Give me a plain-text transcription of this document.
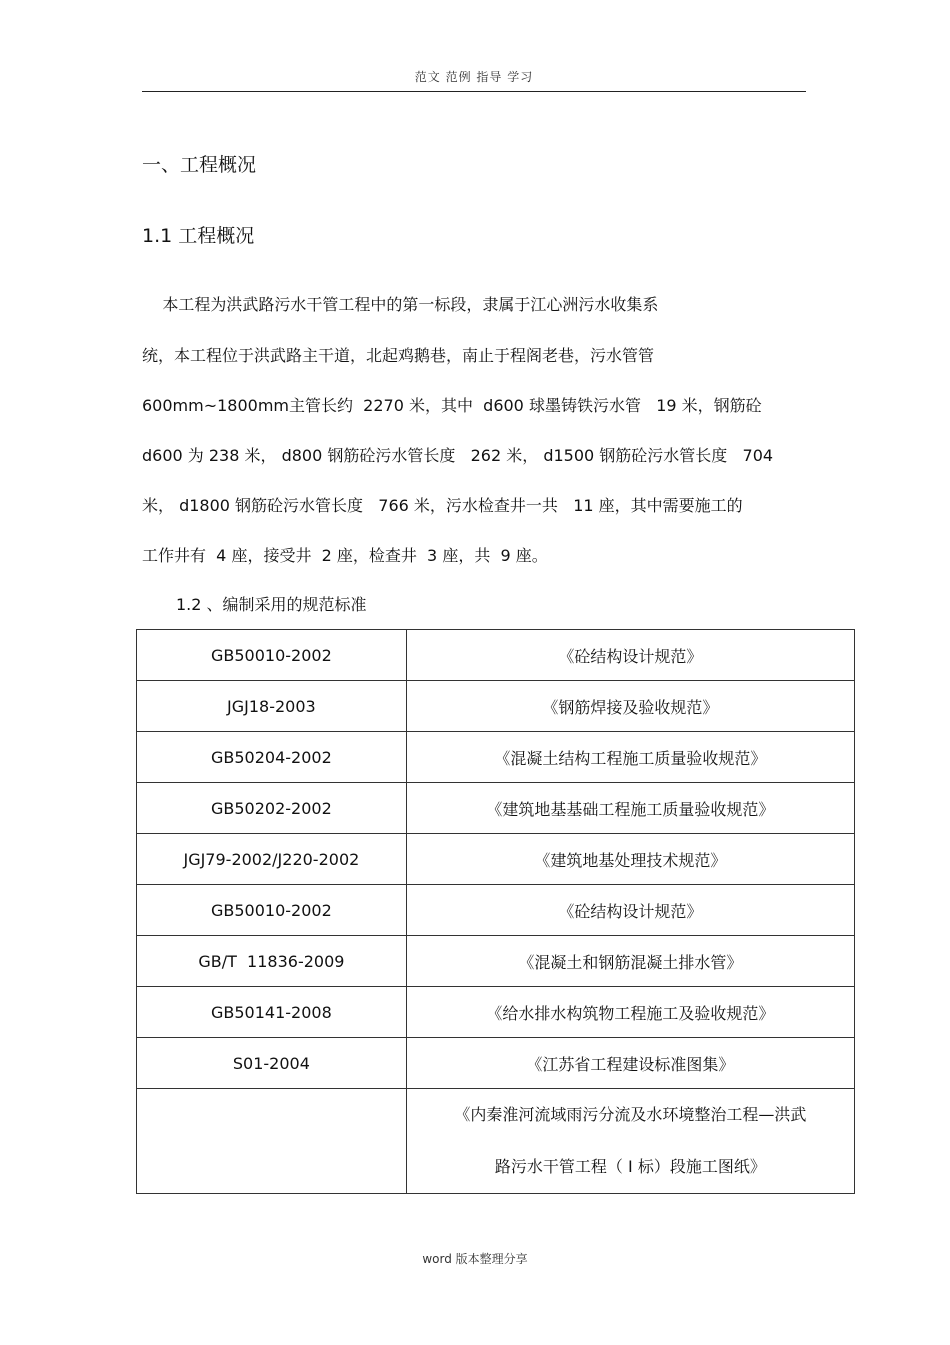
范文 范例 指导 学习
一、工程概况
1.1 工程概况
本工程为洪武路污水干管工程中的第一标段，隶属于江心洲污水收集系
统，本工程位于洪武路主干道，北起鸡鹅巷，南止于程阁老巷，污水管管
600mm~1800mm主管长约  2270 米，其中  d600 球墨铸铁污水管   19 米，钢筋砼
d600 为 238 米， d800 钢筋砼污水管长度   262 米， d1500 钢筋砼污水管长度   704
米， d1800 钢筋砼污水管长度   766 米，污水检查井一共   11 座，其中需要施工的
工作井有  4 座，接受井  2 座，检查井  3 座，共  9 座。
1.2 、编制采用的规范标准
GB50010-2002	《砼结构设计规范》
JGJ18-2003	《钢筋焊接及验收规范》
GB50204-2002	《混凝土结构工程施工质量验收规范》
GB50202-2002	《建筑地基基础工程施工质量验收规范》
JGJ79-2002/J220-2002	《建筑地基处理技术规范》
GB50010-2002	《砼结构设计规范》
GB/T  11836-2009	《混凝土和钢筋混凝土排水管》
GB50141-2008	《给水排水构筑物工程施工及验收规范》
S01-2004	《江苏省工程建设标准图集》

	《内秦淮河流域雨污分流及水环境整治工程—洪武
路污水干管工程（ Ⅰ 标）段施工图纸》
word 版本整理分享
